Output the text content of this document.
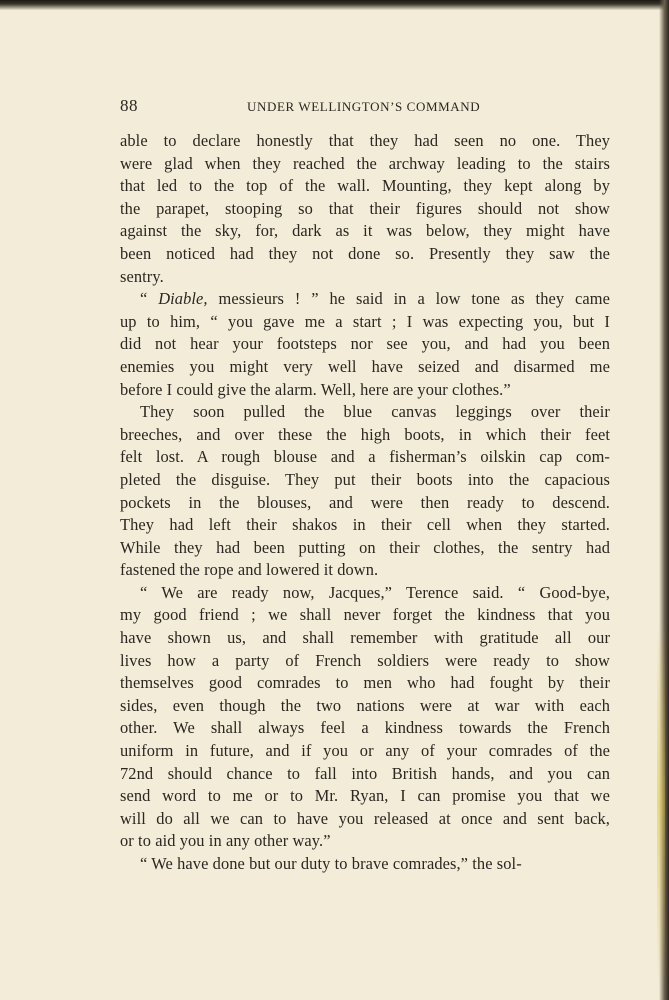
88	UNDER WELLINGTON’S COMMAND
able to declare honestly that they had seen no one. They
were glad when they reached the archway leading to the stairs
that led to the top of the wall. Mounting, they kept along by
the parapet, stooping so that their figures should not show
against the sky, for, dark as it was below, they might have
been noticed had they not done so. Presently they saw the
sentry.
“ Diable, messieurs ! ” he said in a low tone as they came
up to him, “ you gave me a start ; I was expecting you, but I
did not hear your footsteps nor see you, and had you been
enemies you might very well have seized and disarmed me
before I could give the alarm. Well, here are your clothes.”
They soon pulled the blue canvas leggings over their
breeches, and over these the high boots, in which their feet
felt lost. A rough blouse and a fisherman’s oilskin cap com-
pleted the disguise. They put their boots into the capacious
pockets in the blouses, and were then ready to descend.
They had left their shakos in their cell when they started.
While they had been putting on their clothes, the sentry had
fastened the rope and lowered it down.
“ We are ready now, Jacques,” Terence said. “ Good-bye,
my good friend ; we shall never forget the kindness that you
have shown us, and shall remember with gratitude all our
lives how a party of French soldiers were ready to show
themselves good comrades to men who had fought by their
sides, even though the two nations were at war with each
other. We shall always feel a kindness towards the French
uniform in future, and if you or any of your comrades of the
72nd should chance to fall into British hands, and you can
send word to me or to Mr. Ryan, I can promise you that we
will do all we can to have you released at once and sent back,
or to aid you in any other way.”
“ We have done but our duty to brave comrades,” the sol-
